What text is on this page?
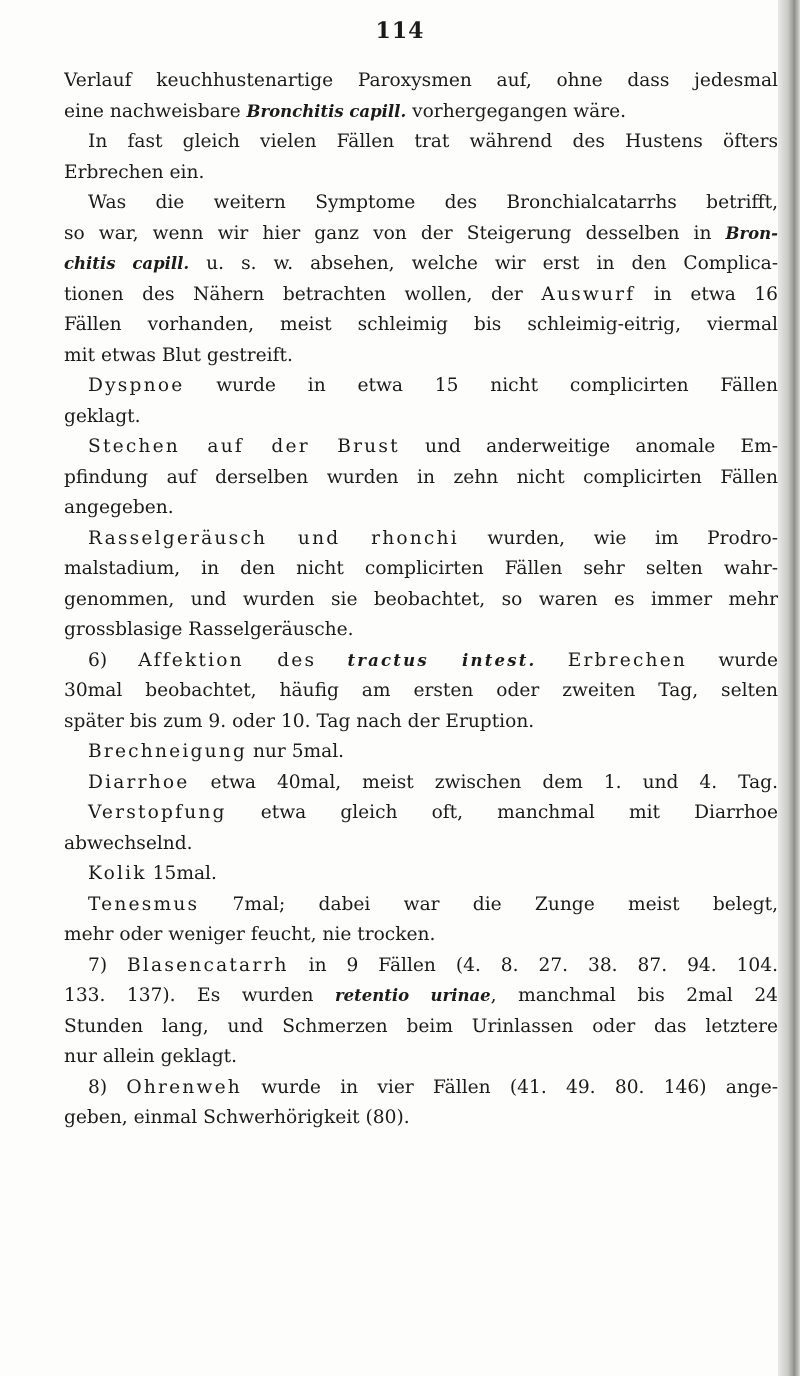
114
Verlauf keuchhustenartige Paroxysmen auf, ohne dass jedesmal
eine nachweisbare Bronchitis capill. vorhergegangen wäre.
In fast gleich vielen Fällen trat während des Hustens öfters
Erbrechen ein.
Was die weitern Symptome des Bronchialcatarrhs betrifft,
so war, wenn wir hier ganz von der Steigerung desselben in Bron-
chitis capill. u. s. w. absehen, welche wir erst in den Complica-
tionen des Nähern betrachten wollen, der Auswurf in etwa 16
Fällen vorhanden, meist schleimig bis schleimig-eitrig, viermal
mit etwas Blut gestreift.
Dyspnoe wurde in etwa 15 nicht complicirten Fällen
geklagt.
Stechen auf der Brust und anderweitige anomale Em-
pfindung auf derselben wurden in zehn nicht complicirten Fällen
angegeben.
Rasselgeräusch und rhonchi wurden, wie im Prodro-
malstadium, in den nicht complicirten Fällen sehr selten wahr-
genommen, und wurden sie beobachtet, so waren es immer mehr
grossblasige Rasselgeräusche.
6) Affektion des tractus intest. Erbrechen wurde
30mal beobachtet, häufig am ersten oder zweiten Tag, selten
später bis zum 9. oder 10. Tag nach der Eruption.
Brechneigung nur 5mal.
Diarrhoe etwa 40mal, meist zwischen dem 1. und 4. Tag.
Verstopfung etwa gleich oft, manchmal mit Diarrhoe
abwechselnd.
Kolik 15mal.
Tenesmus 7mal; dabei war die Zunge meist belegt,
mehr oder weniger feucht, nie trocken.
7) Blasencatarrh in 9 Fällen (4. 8. 27. 38. 87. 94. 104.
133. 137). Es wurden retentio urinae, manchmal bis 2mal 24
Stunden lang, und Schmerzen beim Urinlassen oder das letztere
nur allein geklagt.
8) Ohrenweh wurde in vier Fällen (41. 49. 80. 146) ange-
geben, einmal Schwerhörigkeit (80).
